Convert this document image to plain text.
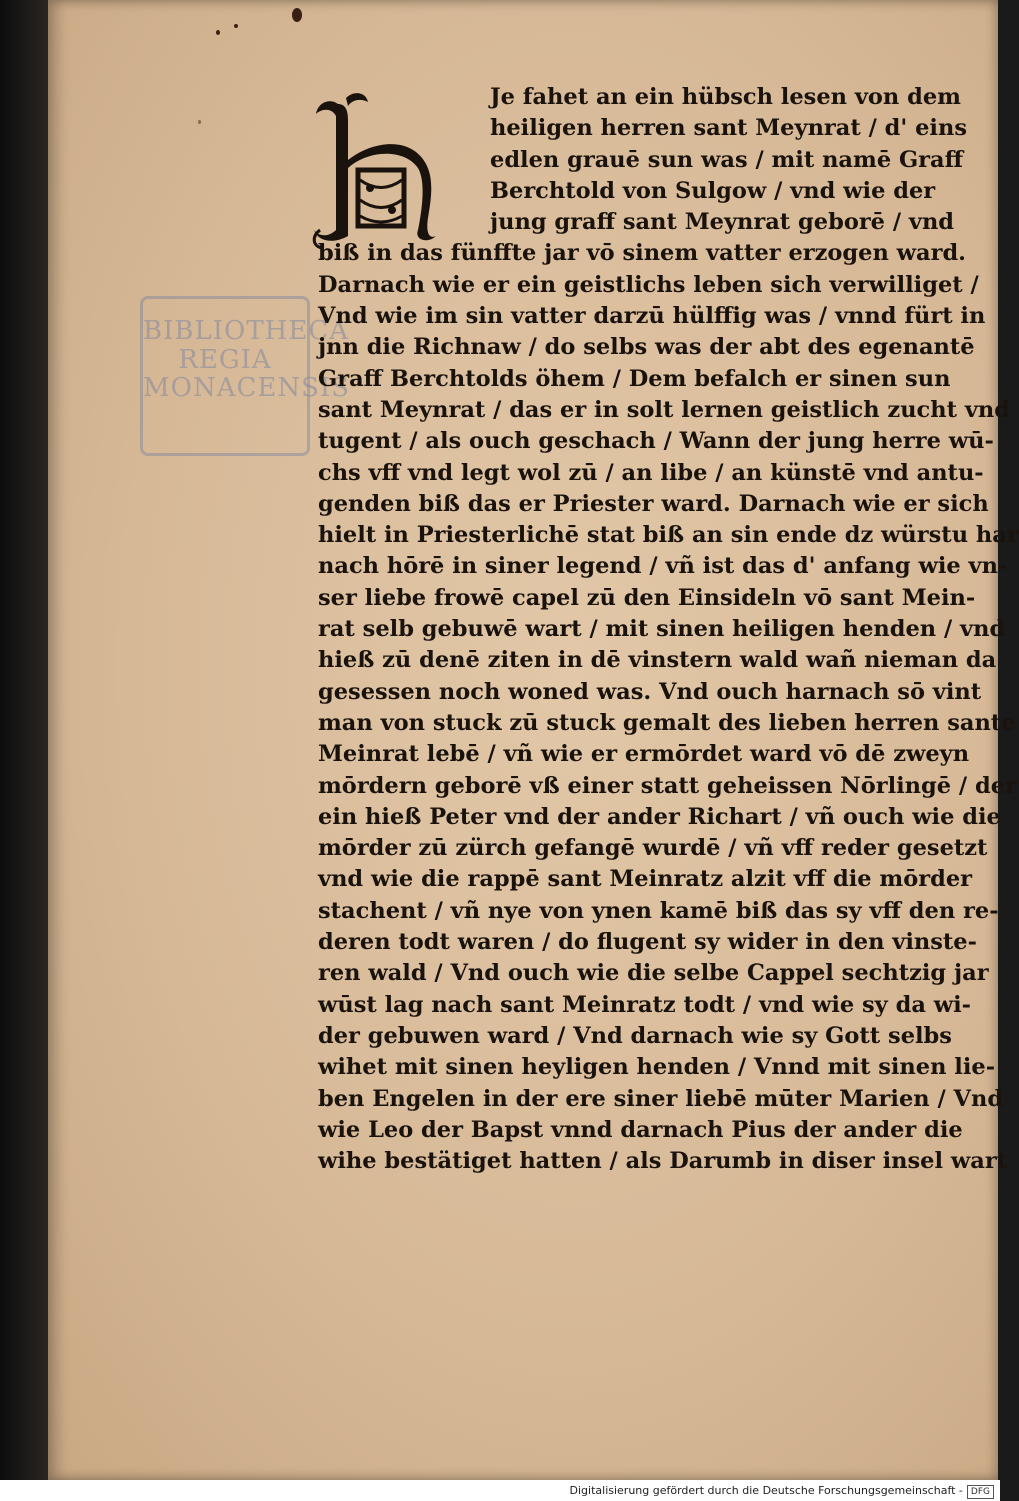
BIBLIOTHECA
REGIA
MONACENSIS
Je fahet an ein hübsch lesen von dem
heiligen herren sant Meynrat / d' eins
edlen grauē sun was / mit namē Graff
Berchtold von Sulgow / vnd wie der
jung graff sant Meynrat geborē / vnd
biß in das fünffte jar vō sinem vatter erzogen ward.
Darnach wie er ein geistlichs leben sich verwilliget /
Vnd wie im sin vatter darzū hülffig was / vnnd fürt in
jnn die Richnaw / do selbs was der abt des egenantē
Graff Berchtolds öhem / Dem befalch er sinen sun
sant Meynrat / das er in solt lernen geistlich zucht vnd
tugent / als ouch geschach / Wann der jung herre wū-
chs vff vnd legt wol zū / an libe / an künstē vnd antu-
genden biß das er Priester ward. Darnach wie er sich
hielt in Priesterlichē stat biß an sin ende dz würstu har
nach hōrē in siner legend / vñ ist das d' anfang wie vn-
ser liebe frowē capel zū den Einsideln vō sant Mein-
rat selb gebuwē wart / mit sinen heiligen henden / vnd
hieß zū denē ziten in dē vinstern wald wañ nieman da
gesessen noch woned was. Vnd ouch harnach sō vint
man von stuck zū stuck gemalt des lieben herren sante
Meinrat lebē / vñ wie er ermōrdet ward vō dē zweyn
mōrdern geborē vß einer statt geheissen Nōrlingē / der
ein hieß Peter vnd der ander Richart / vñ ouch wie die
mōrder zū zürch gefangē wurdē / vñ vff reder gesetzt
vnd wie die rappē sant Meinratz alzit vff die mōrder
stachent / vñ nye von ynen kamē biß das sy vff den re-
deren todt waren / do flugent sy wider in den vinste-
ren wald / Vnd ouch wie die selbe Cappel sechtzig jar
wūst lag nach sant Meinratz todt / vnd wie sy da wi-
der gebuwen ward / Vnd darnach wie sy Gott selbs
wihet mit sinen heyligen henden / Vnnd mit sinen lie-
ben Engelen in der ere siner liebē mūter Marien / Vnd
wie Leo der Bapst vnnd darnach Pius der ander die
wihe bestätiget hatten / als Darumb in diser insel wart
Digitalisierung gefördert durch die Deutsche Forschungsgemeinschaft - DFG
